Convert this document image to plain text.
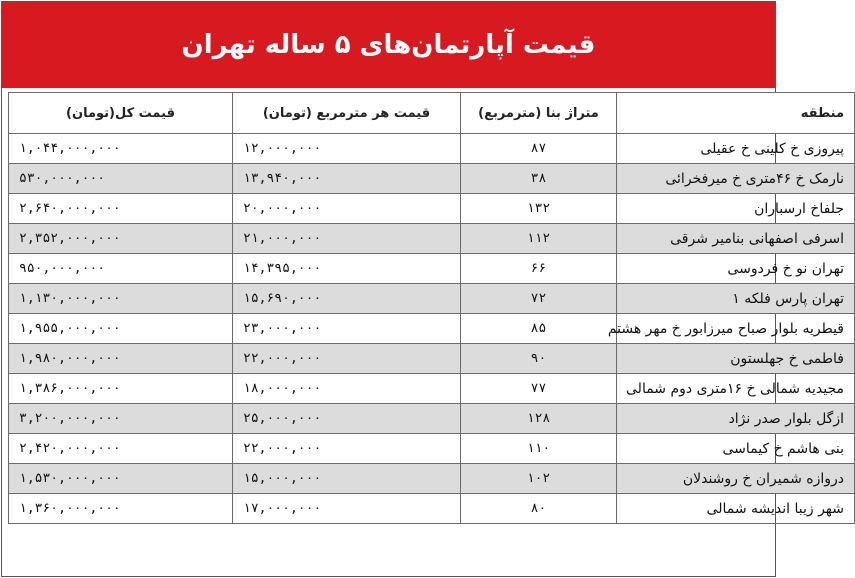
قیمت آپارتمان‌های ۵ ساله تهران
منطقه	متراژ بنا (مترمربع)	قیمت هر مترمربع (تومان)	قیمت کل(تومان)
پیروزی خ کلینی خ عقیلی	۸۷	۱۲,۰۰۰,۰۰۰	۱,۰۴۴,۰۰۰,۰۰۰
نارمک خ ۴۶متری خ میرفخرائی	۳۸	۱۳,۹۴۰,۰۰۰	۵۳۰,۰۰۰,۰۰۰
جلفاخ ارسباران	۱۳۲	۲۰,۰۰۰,۰۰۰	۲,۶۴۰,۰۰۰,۰۰۰
اسرفی اصفهانی بنامیر شرقی	۱۱۲	۲۱,۰۰۰,۰۰۰	۲,۳۵۲,۰۰۰,۰۰۰
تهران نو خ فردوسی	۶۶	۱۴,۳۹۵,۰۰۰	۹۵۰,۰۰۰,۰۰۰
تهران پارس فلکه ۱	۷۲	۱۵,۶۹۰,۰۰۰	۱,۱۳۰,۰۰۰,۰۰۰
قیطریه بلوار صباح میرزابور خ مهر هشتم	۸۵	۲۳,۰۰۰,۰۰۰	۱,۹۵۵,۰۰۰,۰۰۰
فاطمی خ جهلستون	۹۰	۲۲,۰۰۰,۰۰۰	۱,۹۸۰,۰۰۰,۰۰۰
مجیدیه شمالی خ ۱۶متری دوم شمالی	۷۷	۱۸,۰۰۰,۰۰۰	۱,۳۸۶,۰۰۰,۰۰۰
ازگل بلوار صدر نژاد	۱۲۸	۲۵,۰۰۰,۰۰۰	۳,۲۰۰,۰۰۰,۰۰۰
بنی هاشم خ کیماسی	۱۱۰	۲۲,۰۰۰,۰۰۰	۲,۴۲۰,۰۰۰,۰۰۰
دروازه شمیران خ روشندلان	۱۰۲	۱۵,۰۰۰,۰۰۰	۱,۵۳۰,۰۰۰,۰۰۰
شهر زیبا اندیشه شمالی	۸۰	۱۷,۰۰۰,۰۰۰	۱,۳۶۰,۰۰۰,۰۰۰
